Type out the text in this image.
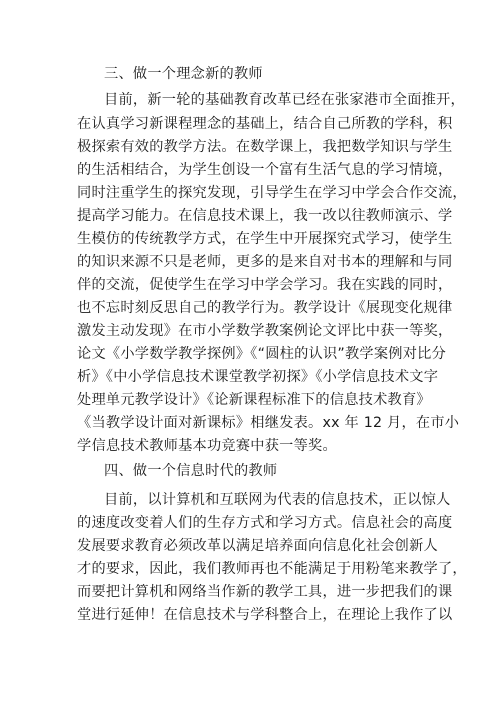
三、做一个理念新的教师
目前，新一轮的基础教育改革已经在张家港市全面推开，
在认真学习新课程理念的基础上，结合自己所教的学科，积
极探索有效的教学方法。在数学课上，我把数学知识与学生
的生活相结合，为学生创设一个富有生活气息的学习情境，
同时注重学生的探究发现，引导学生在学习中学会合作交流，
提高学习能力。在信息技术课上，我一改以往教师演示、学
生模仿的传统教学方式，在学生中开展探究式学习，使学生
的知识来源不只是老师，更多的是来自对书本的理解和与同
伴的交流，促使学生在学习中学会学习。我在实践的同时，
也不忘时刻反思自己的教学行为。教学设计《展现变化规律
激发主动发现》在市小学数学教案例论文评比中获一等奖，
论文《小学数学教学探例》《“圆柱的认识”教学案例对比分
析》《中小学信息技术课堂教学初探》《小学信息技术文字
处理单元教学设计》《论新课程标准下的信息技术教育》
《当教学设计面对新课标》相继发表。xx 年 12 月，在市小
学信息技术教师基本功竞赛中获一等奖。
四、做一个信息时代的教师
目前，以计算机和互联网为代表的信息技术，正以惊人
的速度改变着人们的生存方式和学习方式。信息社会的高度
发展要求教育必须改革以满足培养面向信息化社会创新人
才的要求，因此，我们教师再也不能满足于用粉笔来教学了，
而要把计算机和网络当作新的教学工具，进一步把我们的课
堂进行延伸！在信息技术与学科整合上，在理论上我作了以
